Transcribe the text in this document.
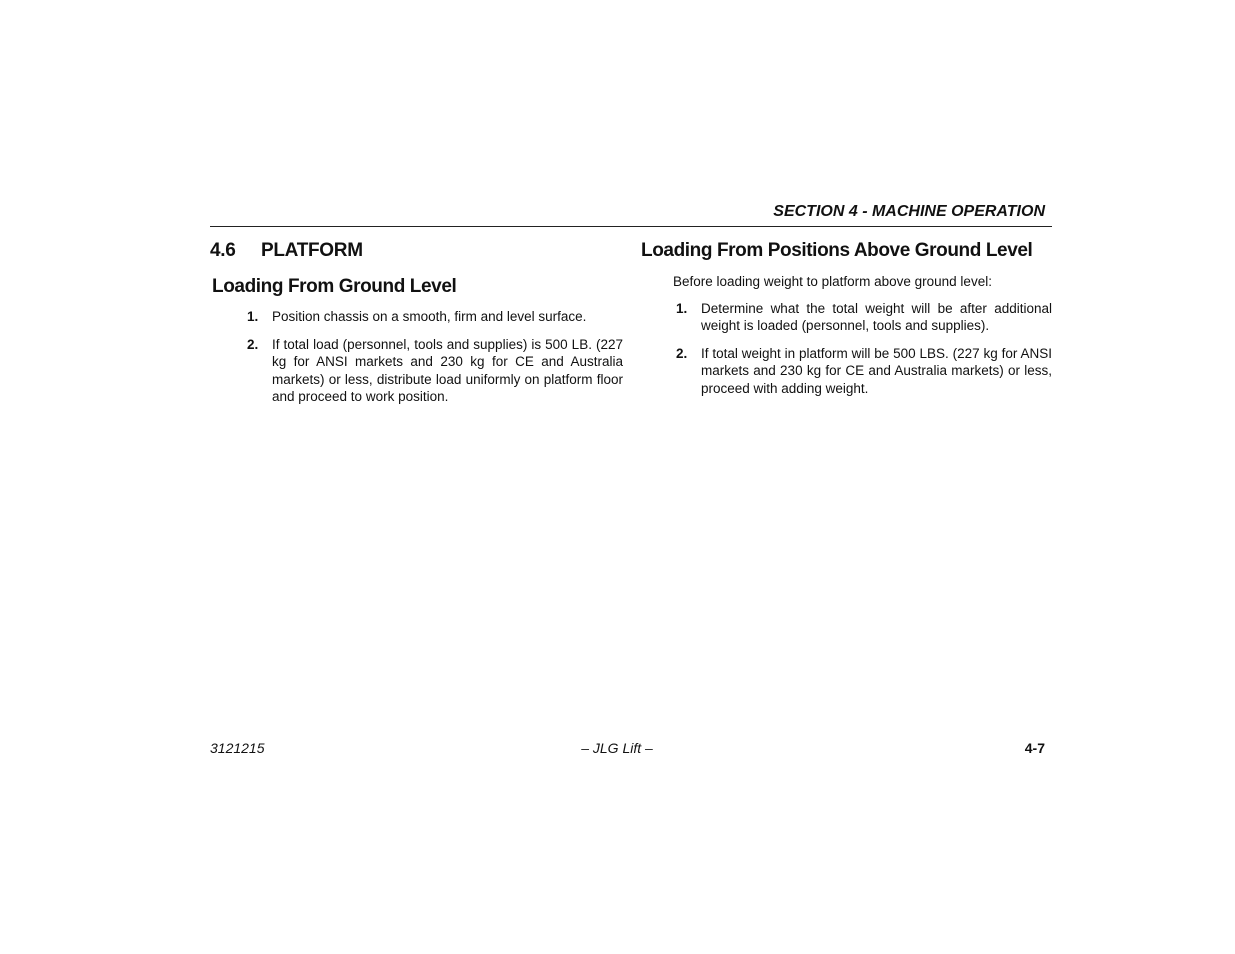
SECTION 4 - MACHINE OPERATION
4.6 PLATFORM
Loading From Ground Level
1. Position chassis on a smooth, firm and level surface.
2. If total load (personnel, tools and supplies) is 500 LB. (227 kg for ANSI markets and 230 kg for CE and Australia markets) or less, distribute load uniformly on platform floor and proceed to work position.
Loading From Positions Above Ground Level

Before loading weight to platform above ground level:

1. Determine what the total weight will be after additional weight is loaded (personnel, tools and supplies).
2. If total weight in platform will be 500 LBS. (227 kg for ANSI markets and 230 kg for CE and Australia markets) or less, proceed with adding weight.
3121215	– JLG Lift –	4-7
